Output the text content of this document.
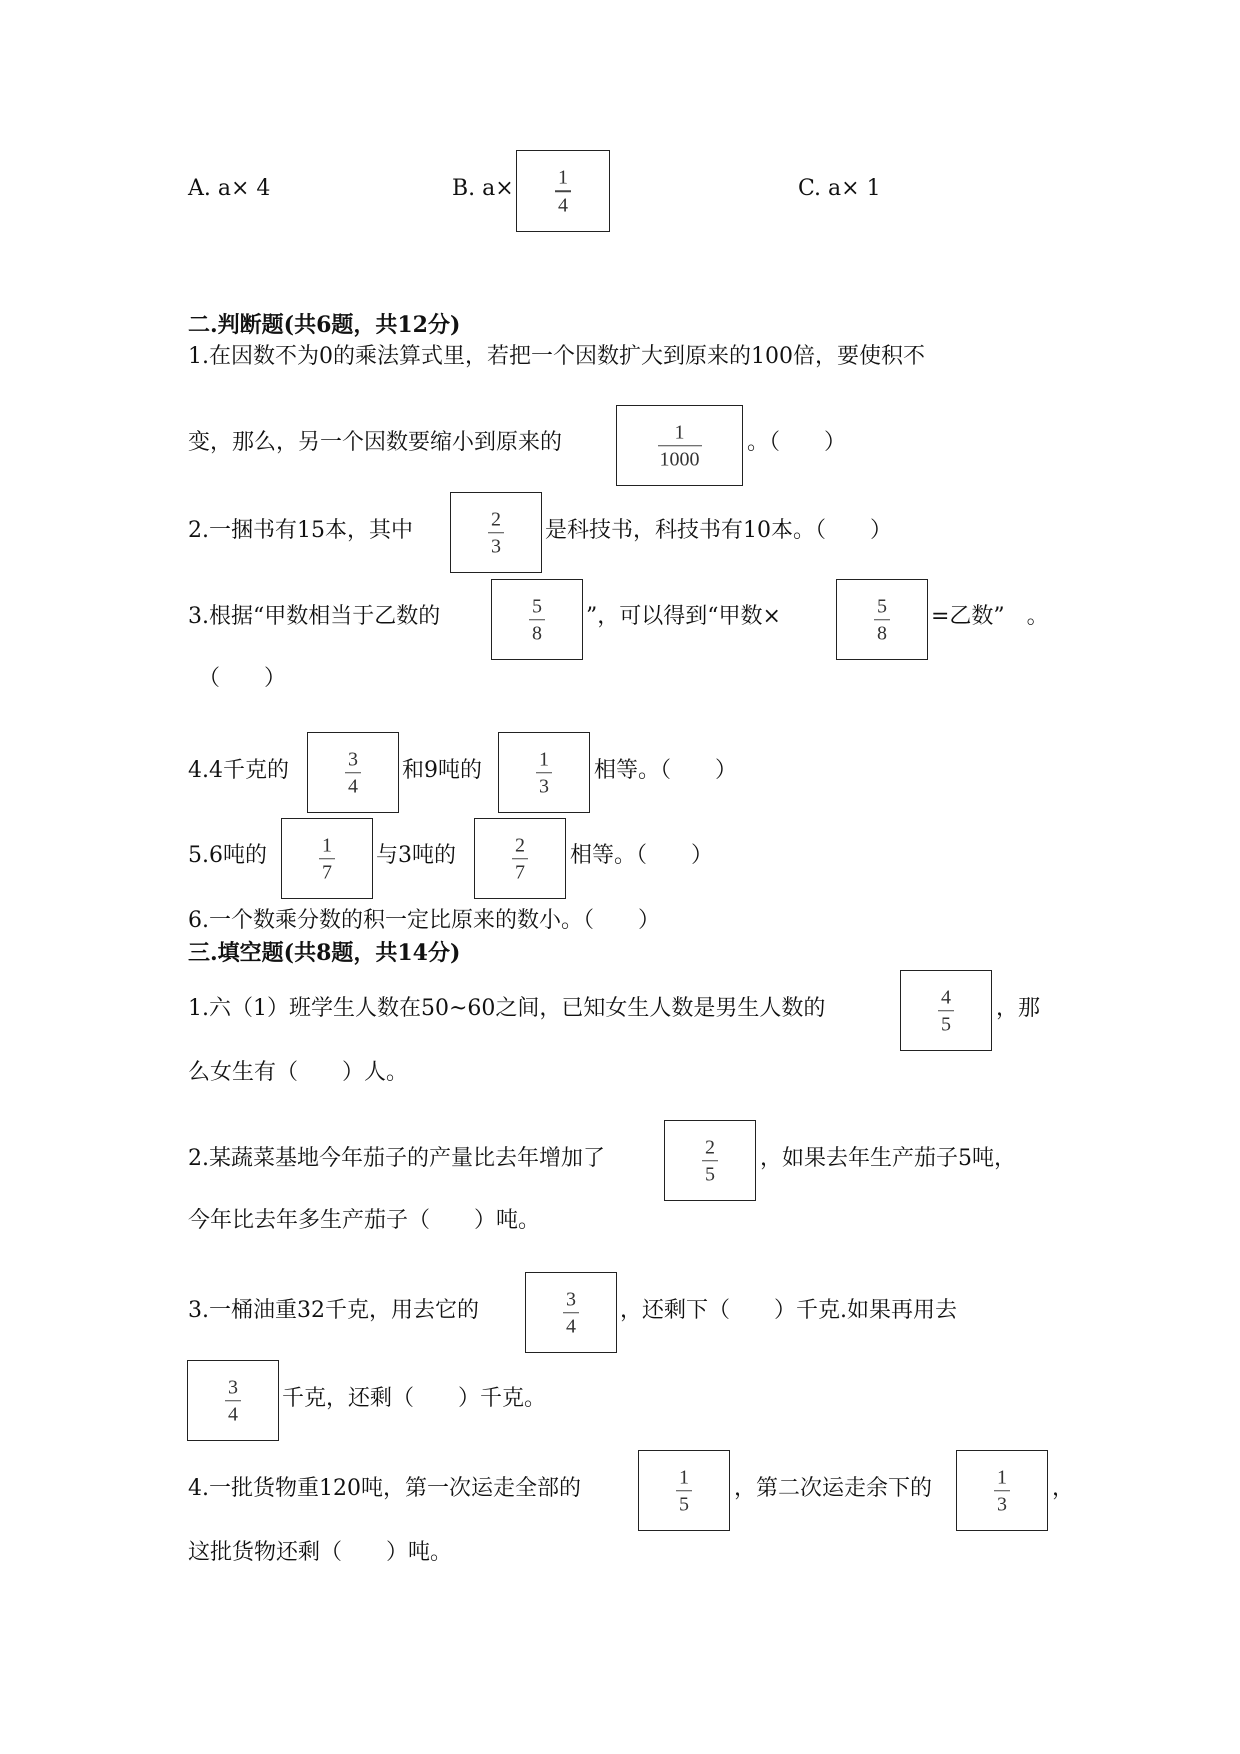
A. a× 4	B. a× 1
4
C. a× 1
二.判断题(共6题，共12分)
1.在因数不为0的乘法算式里，若把一个因数扩大到原来的100倍，要使积不
变，那么，另一个因数要缩小到原来的	1
1000
。（　　）
2.一捆书有15本，其中	2
3
是科技书，科技书有10本。（　　）
3.根据“甲数相当于乙数的	5
8
”，可以得到“甲数×	5
8
=乙数”　。
（　　）
4.4千克的	3
4
和9吨的	1
3
相等。（　　）
5.6吨的	1
7
与3吨的	2
7
相等。（　　）
6.一个数乘分数的积一定比原来的数小。（　　）
三.填空题(共8题，共14分)
1.六（1）班学生人数在50~60之间，已知女生人数是男生人数的	4
5
，那
么女生有（　　）人。
2.某蔬菜基地今年茄子的产量比去年增加了	2
5
，如果去年生产茄子5吨，
今年比去年多生产茄子（　　）吨。
3.一桶油重32千克，用去它的	3
4
，还剩下（　　）千克.如果再用去
3
4
千克，还剩（　　）千克。
4.一批货物重120吨，第一次运走全部的	1
5
，第二次运走余下的	1
3
，
这批货物还剩（　　）吨。
